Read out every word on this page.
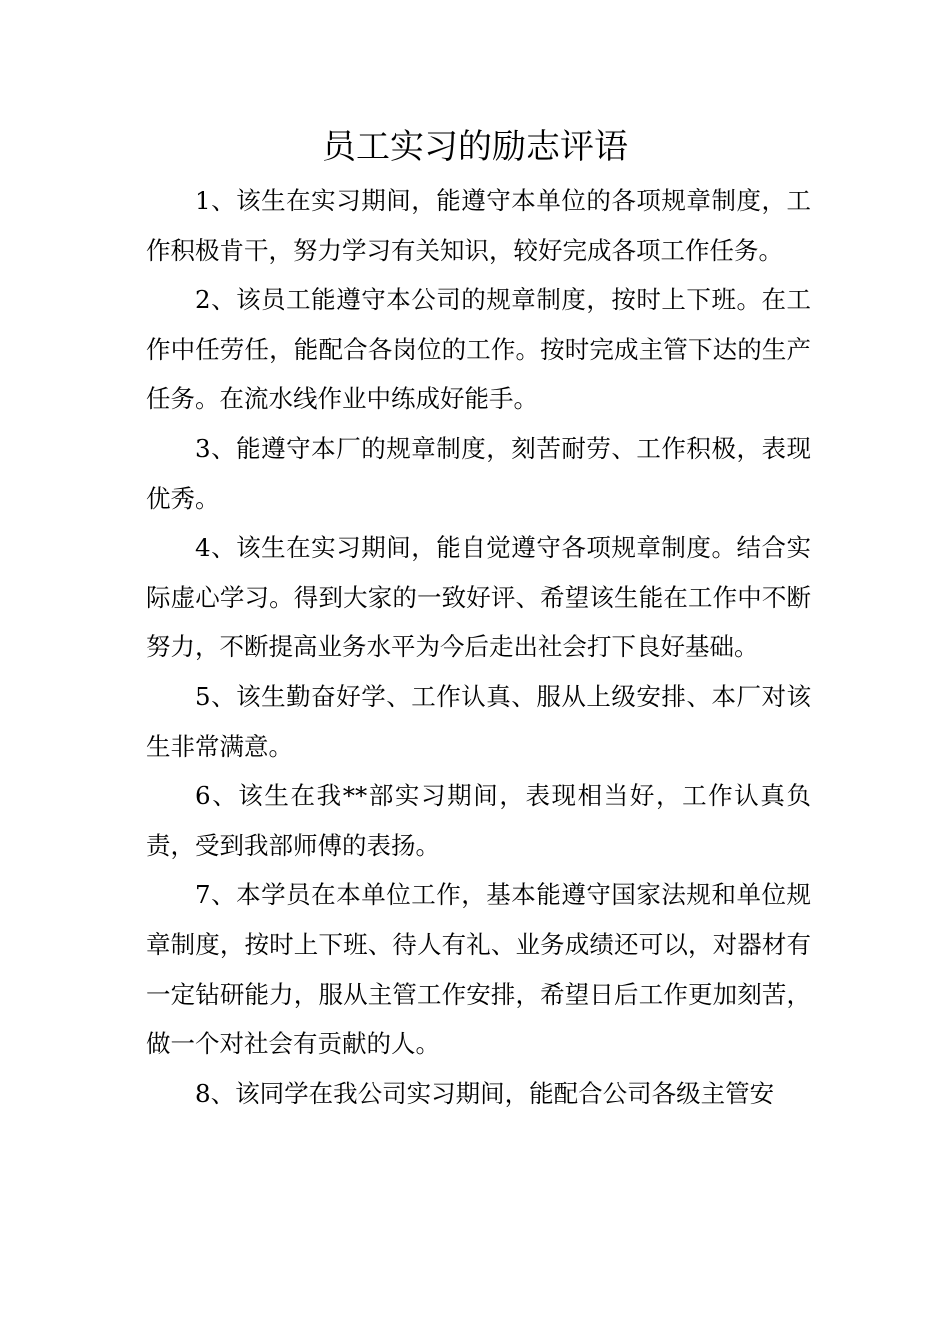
员工实习的励志评语

1、该生在实习期间，能遵守本单位的各项规章制度，工作积极肯干，努力学习有关知识，较好完成各项工作任务。

2、该员工能遵守本公司的规章制度，按时上下班。在工作中任劳任，能配合各岗位的工作。按时完成主管下达的生产任务。在流水线作业中练成好能手。

3、能遵守本厂的规章制度，刻苦耐劳、工作积极，表现优秀。

4、该生在实习期间，能自觉遵守各项规章制度。结合实际虚心学习。得到大家的一致好评、希望该生能在工作中不断努力，不断提高业务水平为今后走出社会打下良好基础。

5、该生勤奋好学、工作认真、服从上级安排、本厂对该生非常满意。

6、该生在我**部实习期间，表现相当好，工作认真负责，受到我部师傅的表扬。

7、本学员在本单位工作，基本能遵守国家法规和单位规章制度，按时上下班、待人有礼、业务成绩还可以，对器材有一定钻研能力，服从主管工作安排，希望日后工作更加刻苦，做一个对社会有贡献的人。

8、该同学在我公司实习期间，能配合公司各级主管安
